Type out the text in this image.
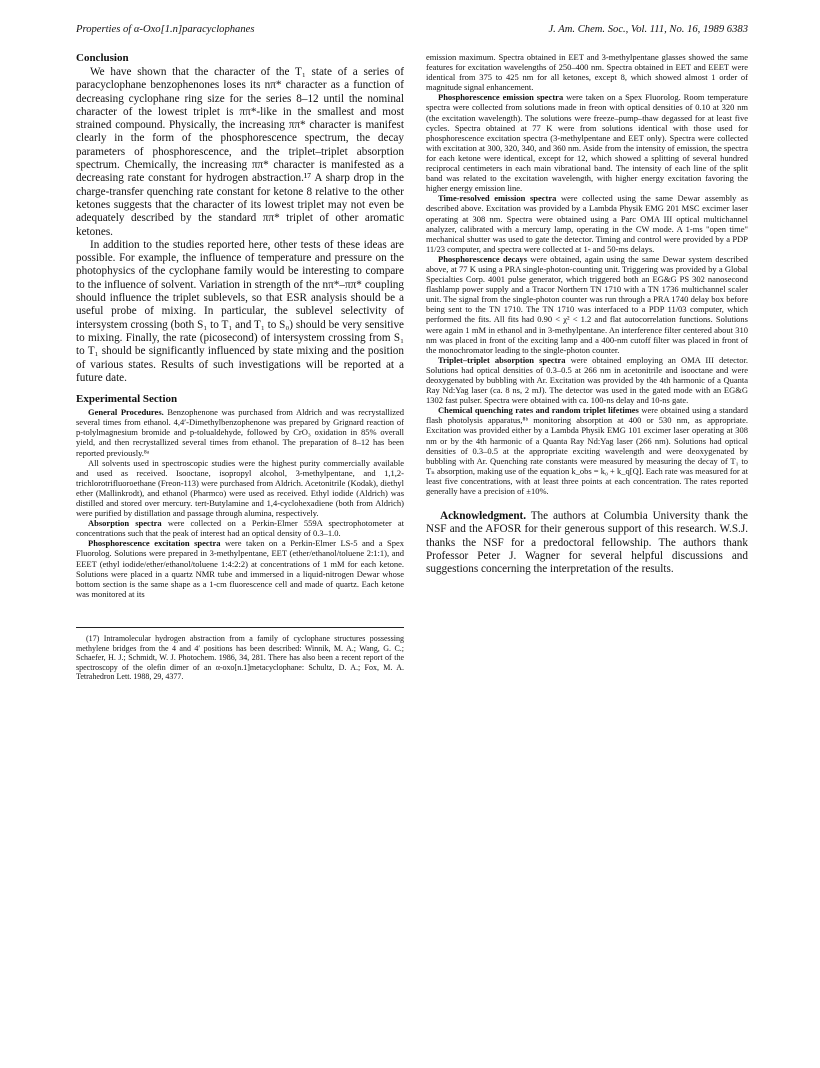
Properties of α-Oxo[1.n]paracyclophanes	J. Am. Chem. Soc., Vol. 111, No. 16, 1989 6383
Conclusion

We have shown that the character of the T₁ state of a series of paracyclophane benzophenones loses its nπ* character as a function of decreasing cyclophane ring size for the series 8–12 until the nominal character of the lowest triplet is ππ*-like in the smallest and most strained compound. Physically, the increasing ππ* character is manifest clearly in the form of the phosphorescence spectrum, the decay parameters of phosphorescence, and the triplet–triplet absorption spectrum. Chemically, the increasing ππ* character is manifested as a decreasing rate constant for hydrogen abstraction.¹⁷ A sharp drop in the charge-transfer quenching rate constant for ketone 8 relative to the other ketones suggests that the character of its lowest triplet may not even be adequately described by the standard ππ* triplet of other aromatic ketones.

In addition to the studies reported here, other tests of these ideas are possible. For example, the influence of temperature and pressure on the photophysics of the cyclophane family would be interesting to compare to the influence of solvent. Variation in strength of the nπ*–ππ* coupling should influence the triplet sublevels, so that ESR analysis should be a useful probe of mixing. In particular, the sublevel selectivity of intersystem crossing (both S₁ to T₁ and T₁ to S₀) should be very sensitive to mixing. Finally, the rate (picosecond) of intersystem crossing from S₁ to T₁ should be significantly influenced by state mixing and the position of various states. Results of such investigations will be reported at a future date.

Experimental Section

General Procedures. Benzophenone was purchased from Aldrich and was recrystallized several times from ethanol. 4,4′-Dimethylbenzophenone was prepared by Grignard reaction of p-tolylmagnesium bromide and p-tolualdehyde, followed by CrO₃ oxidation in 85% overall yield, and then recrystallized several times from ethanol. The preparation of 8–12 has been reported previously.⁸ᵃ

All solvents used in spectroscopic studies were the highest purity commercially available and used as received. Isooctane, isopropyl alcohol, 3-methylpentane, and 1,1,2-trichlorotrifluoroethane (Freon-113) were purchased from Aldrich. Acetonitrile (Kodak), diethyl ether (Mallinkrodt), and ethanol (Pharmco) were used as received. Ethyl iodide (Aldrich) was distilled and stored over mercury. tert-Butylamine and 1,4-cyclohexadiene (both from Aldrich) were purified by distillation and passage through alumina, respectively.

Absorption spectra were collected on a Perkin-Elmer 559A spectrophotometer at concentrations such that the peak of interest had an optical density of 0.3–1.0.

Phosphorescence excitation spectra were taken on a Perkin-Elmer LS-5 and a Spex Fluorolog. Solutions were prepared in 3-methylpentane, EET (ether/ethanol/toluene 2:1:1), and EEET (ethyl iodide/ether/ethanol/toluene 1:4:2:2) at concentrations of 1 mM for each ketone. Solutions were placed in a quartz NMR tube and immersed in a liquid-nitrogen Dewar whose bottom section is the same shape as a 1-cm fluorescence cell and made of quartz. Each ketone was monitored at its

(17) Intramolecular hydrogen abstraction from a family of cyclophane structures possessing methylene bridges from the 4 and 4′ positions has been described: Winnik, M. A.; Wang, G. C.; Schaefer, H. J.; Schmidt, W. J. Photochem. 1986, 34, 281. There has also been a recent report of the spectroscopy of the olefin dimer of an α-oxo[n.1]metacyclophane: Schultz, D. A.; Fox, M. A. Tetrahedron Lett. 1988, 29, 4377.

emission maximum. Spectra obtained in EET and 3-methylpentane glasses showed the same features for excitation wavelengths of 250–400 nm. Spectra obtained in EET and EEET were identical from 375 to 425 nm for all ketones, except 8, which showed almost 1 order of magnitude signal enhancement.

Phosphorescence emission spectra were taken on a Spex Fluorolog. Room temperature spectra were collected from solutions made in freon with optical densities of 0.10 at 320 nm (the excitation wavelength). The solutions were freeze–pump–thaw degassed for at least five cycles. Spectra obtained at 77 K were from solutions identical with those used for phosphorescence excitation spectra (3-methylpentane and EET only). Spectra were collected with excitation at 300, 320, 340, and 360 nm. Aside from the intensity of emission, the spectra for each ketone were identical, except for 12, which showed a splitting of several hundred reciprocal centimeters in each main vibrational band. The intensity of each line of the split band was related to the excitation wavelength, with higher energy excitation favoring the higher energy emission line.

Time-resolved emission spectra were collected using the same Dewar assembly as described above. Excitation was provided by a Lambda Physik EMG 201 MSC excimer laser operating at 308 nm. Spectra were obtained using a Parc OMA III optical multichannel analyzer, calibrated with a mercury lamp, operating in the CW mode. A 1-ms "open time" mechanical shutter was used to gate the detector. Timing and control were provided by a PDP 11/23 computer, and spectra were collected at 1- and 50-ms delays.

Phosphorescence decays were obtained, again using the same Dewar system described above, at 77 K using a PRA single-photon-counting unit. Triggering was provided by a Global Specialties Corp. 4001 pulse generator, which triggered both an EG&G PS 302 nanosecond flashlamp power supply and a Tracor Northern TN 1710 with a TN 1736 multichannel scaler unit. The signal from the single-photon counter was run through a PRA 1740 delay box before being sent to the TN 1710. The TN 1710 was interfaced to a PDP 11/03 computer, which performed the fits. All fits had 0.90 < χ² < 1.2 and flat autocorrelation functions. Solutions were again 1 mM in ethanol and in 3-methylpentane. An interference filter centered about 310 nm was placed in front of the exciting lamp and a 400-nm cutoff filter was placed in front of the monochromator leading to the single-photon counter.

Triplet–triplet absorption spectra were obtained employing an OMA III detector. Solutions had optical densities of 0.3–0.5 at 266 nm in acetonitrile and isooctane and were deoxygenated by bubbling with Ar. Excitation was provided by the 4th harmonic of a Quanta Ray Nd:Yag laser (ca. 8 ns, 2 mJ). The detector was used in the gated mode with an EG&G 1302 fast pulser. Spectra were obtained with ca. 100-ns delay and 10-ns gate.

Chemical quenching rates and random triplet lifetimes were obtained using a standard flash photolysis apparatus,⁸ᵇ monitoring absorption at 400 or 530 nm, as appropriate. Excitation was provided either by a Lambda Physik EMG 101 excimer laser operating at 308 nm or by the 4th harmonic of a Quanta Ray Nd:Yag laser (266 nm). Solutions had optical densities of 0.3–0.5 at the appropriate exciting wavelength and were deoxygenated by bubbling with Ar. Quenching rate constants were measured by measuring the decay of T₁ to Tₙ absorption, making use of the equation k_obs = k₀ + k_q[Q]. Each rate was measured for at least five concentrations, with at least three points at each concentration. The rates reported generally have a precision of ±10%.

Acknowledgment. The authors at Columbia University thank the NSF and the AFOSR for their generous support of this research. W.S.J. thanks the NSF for a predoctoral fellowship. The authors thank Professor Peter J. Wagner for several helpful discussions and suggestions concerning the interpretation of the results.
